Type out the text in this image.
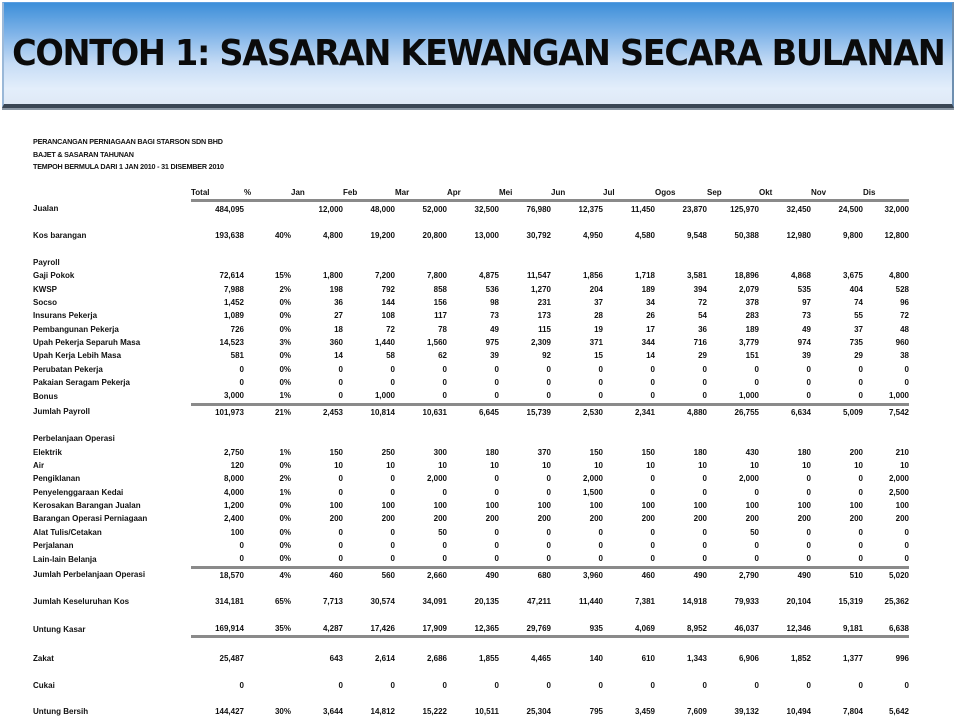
CONTOH 1: SASARAN KEWANGAN SECARA BULANAN
PERANCANGAN PERNIAGAAN BAGI STARSON SDN BHD
BAJET & SASARAN TAHUNAN
TEMPOH BERMULA DARI 1 JAN 2010 - 31 DISEMBER 2010
	Total	%	Jan	Feb	Mar	Apr	Mei	Jun	Jul	Ogos	Sep	Okt	Nov	Dis
Jualan	484,095		12,000	48,000	52,000	32,500	76,980	12,375	11,450	23,870	125,970	32,450	24,500	32,000

Kos barangan	193,638	40%	4,800	19,200	20,800	13,000	30,792	4,950	4,580	9,548	50,388	12,980	9,800	12,800

Payroll														
Gaji Pokok	72,614	15%	1,800	7,200	7,800	4,875	11,547	1,856	1,718	3,581	18,896	4,868	3,675	4,800
KWSP	7,988	2%	198	792	858	536	1,270	204	189	394	2,079	535	404	528
Socso	1,452	0%	36	144	156	98	231	37	34	72	378	97	74	96
Insurans Pekerja	1,089	0%	27	108	117	73	173	28	26	54	283	73	55	72
Pembangunan Pekerja	726	0%	18	72	78	49	115	19	17	36	189	49	37	48
Upah Pekerja Separuh Masa	14,523	3%	360	1,440	1,560	975	2,309	371	344	716	3,779	974	735	960
Upah Kerja Lebih Masa	581	0%	14	58	62	39	92	15	14	29	151	39	29	38
Perubatan Pekerja	0	0%	0	0	0	0	0	0	0	0	0	0	0	0
Pakaian Seragam Pekerja	0	0%	0	0	0	0	0	0	0	0	0	0	0	0
Bonus	3,000	1%	0	1,000	0	0	0	0	0	0	1,000	0	0	1,000
Jumlah Payroll	101,973	21%	2,453	10,814	10,631	6,645	15,739	2,530	2,341	4,880	26,755	6,634	5,009	7,542

Perbelanjaan Operasi														
Elektrik	2,750	1%	150	250	300	180	370	150	150	180	430	180	200	210
Air	120	0%	10	10	10	10	10	10	10	10	10	10	10	10
Pengiklanan	8,000	2%	0	0	2,000	0	0	2,000	0	0	2,000	0	0	2,000
Penyelenggaraan Kedai	4,000	1%	0	0	0	0	0	1,500	0	0	0	0	0	2,500
Kerosakan Barangan Jualan	1,200	0%	100	100	100	100	100	100	100	100	100	100	100	100
Barangan Operasi Perniagaan	2,400	0%	200	200	200	200	200	200	200	200	200	200	200	200
Alat Tulis/Cetakan	100	0%	0	0	50	0	0	0	0	0	50	0	0	0
Perjalanan	0	0%	0	0	0	0	0	0	0	0	0	0	0	0
Lain-lain Belanja	0	0%	0	0	0	0	0	0	0	0	0	0	0	0
Jumlah Perbelanjaan Operasi	18,570	4%	460	560	2,660	490	680	3,960	460	490	2,790	490	510	5,020

Jumlah Keseluruhan Kos	314,181	65%	7,713	30,574	34,091	20,135	47,211	11,440	7,381	14,918	79,933	20,104	15,319	25,362

Untung Kasar	169,914	35%	4,287	17,426	17,909	12,365	29,769	935	4,069	8,952	46,037	12,346	9,181	6,638

Zakat	25,487		643	2,614	2,686	1,855	4,465	140	610	1,343	6,906	1,852	1,377	996

Cukai	0		0	0	0	0	0	0	0	0	0	0	0	0

Untung Bersih	144,427	30%	3,644	14,812	15,222	10,511	25,304	795	3,459	7,609	39,132	10,494	7,804	5,642
